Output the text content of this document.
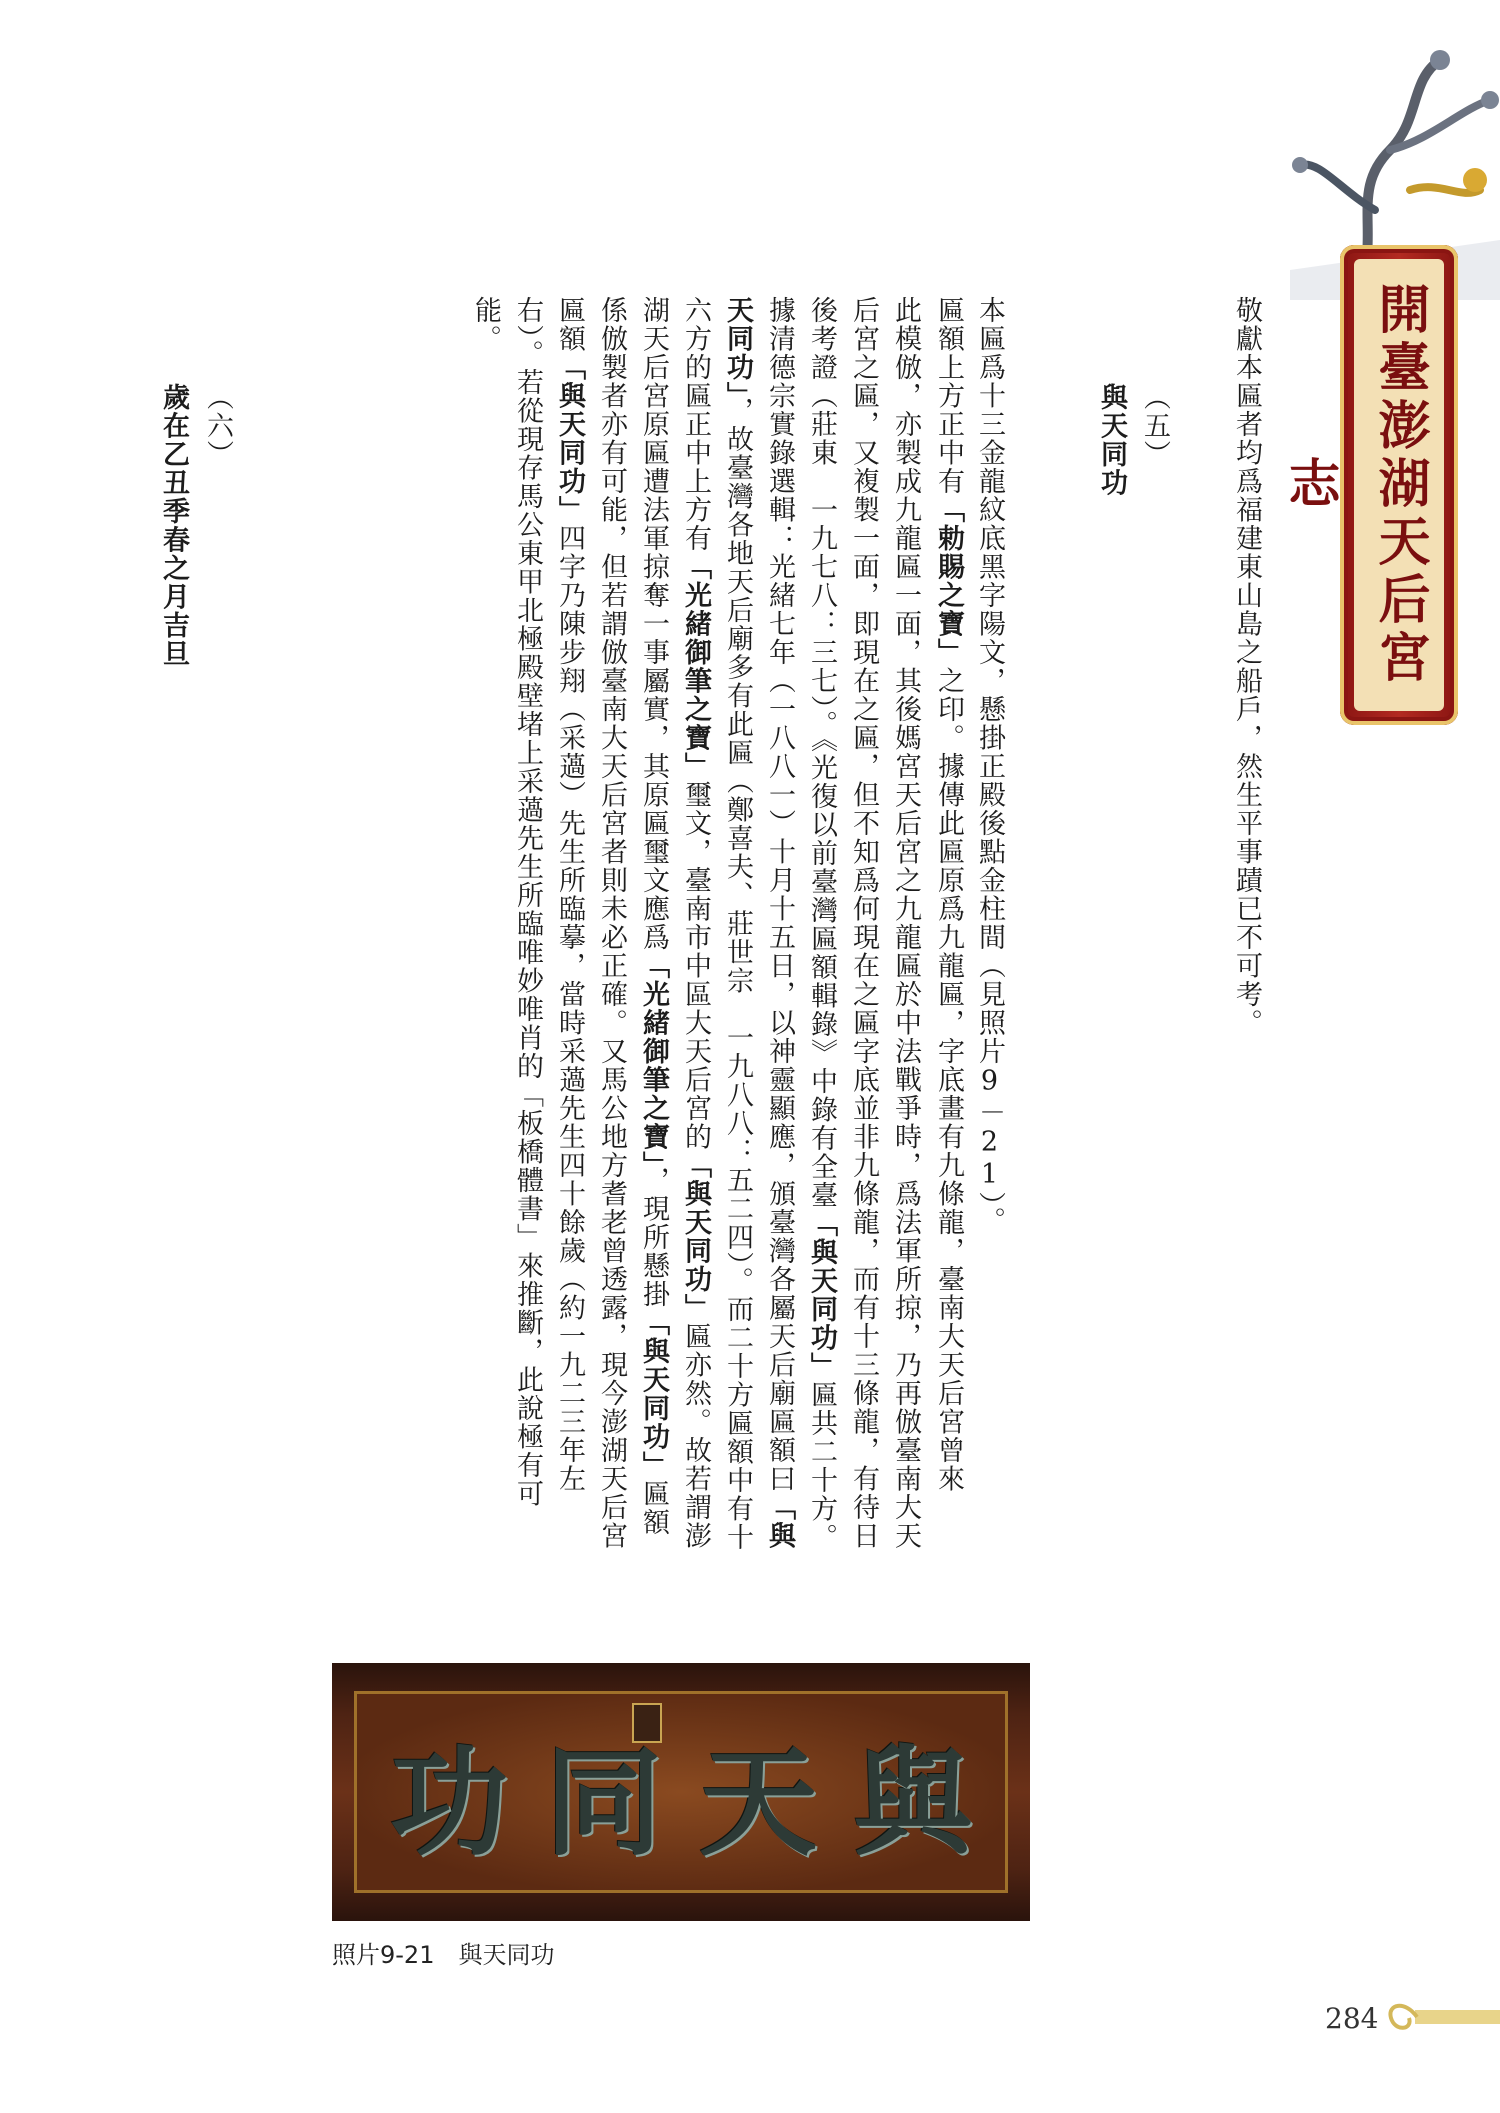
開臺澎湖天后宮志
敬獻本匾者均爲福建東山島之船戶，然生平事蹟已不可考。
（五）
與天同功
本匾爲十三金龍紋底黑字陽文，懸掛正殿後點金柱間（見照片9－21）。
匾額上方正中有「勅賜之寶」之印。據傳此匾原爲九龍匾，字底畫有九條龍，臺南大天后宮曾來
此模倣，亦製成九龍匾一面，其後媽宮天后宮之九龍匾於中法戰爭時，爲法軍所掠，乃再倣臺南大天
后宮之匾，又複製一面，即現在之匾，但不知爲何現在之匾字底並非九條龍，而有十三條龍，有待日
後考證（莊東　一九七八：三七）。《光復以前臺灣匾額輯錄》中錄有全臺「與天同功」匾共二十方。
據清德宗實錄選輯：光緒七年（一八八一）十月十五日，以神靈顯應，頒臺灣各屬天后廟匾額曰「與
天同功」，故臺灣各地天后廟多有此匾（鄭喜夫、莊世宗　一九八八：五二四）。而二十方匾額中有十
六方的匾正中上方有「光緒御筆之寶」璽文，臺南市中區大天后宮的「與天同功」匾亦然。故若謂澎
湖天后宮原匾遭法軍掠奪一事屬實，其原匾璽文應爲「光緒御筆之寶」，現所懸掛「與天同功」匾額
係倣製者亦有可能，但若謂倣臺南大天后宮者則未必正確。又馬公地方耆老曾透露，現今澎湖天后宮
匾額「與天同功」四字乃陳步翔（采薖）先生所臨摹，當時采薖先生四十餘歲（約一九二三年左
右）。若從現存馬公東甲北極殿壁堵上采薖先生所臨唯妙唯肖的「板橋體書」來推斷，此說極有可
能。
（六）
歲在乙丑季春之月吉旦
功 同 天 與
照片9-21　與天同功
284
